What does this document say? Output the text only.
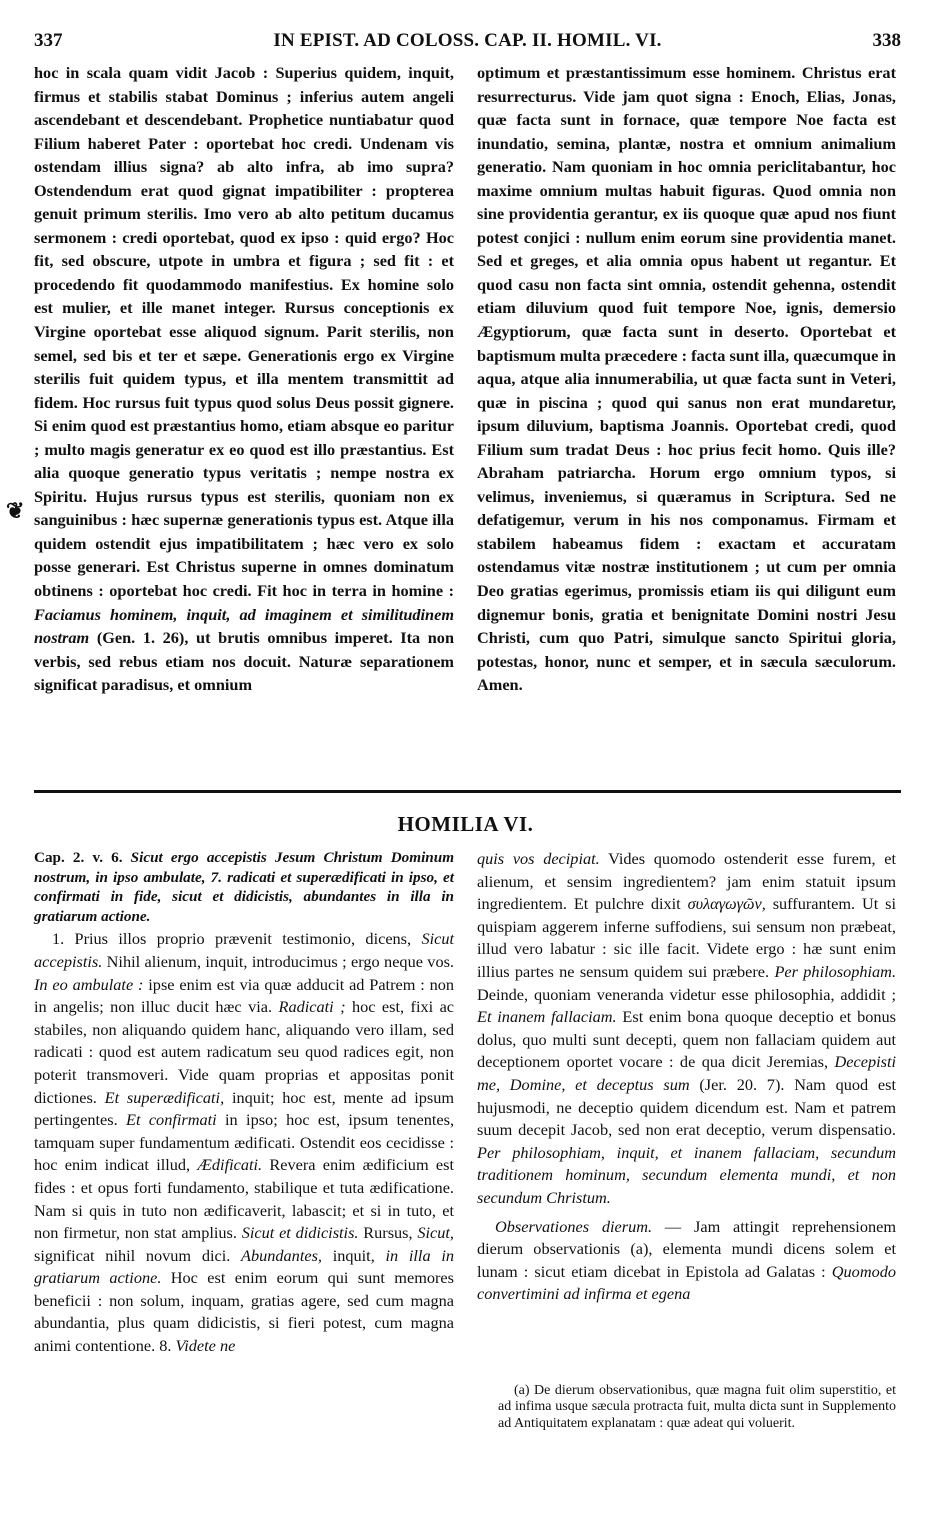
337	IN EPIST. AD COLOSS. CAP. II. HOMIL. VI.	338

hoc in scala quam vidit Jacob : Superius quidem, inquit, firmus et stabilis stabat Dominus ; inferius autem angeli ascendebant et descendebant. Prophetice nuntiabatur quod Filium haberet Pater : oportebat hoc credi. Undenam vis ostendam illius signa? ab alto infra, ab imo supra? Ostendendum erat quod gignat impatibiliter : propterea genuit primum sterilis. Imo vero ab alto petitum ducamus sermonem : credi oportebat, quod ex ipso : quid ergo? Hoc fit, sed obscure, utpote in umbra et figura ; sed fit : et procedendo fit quodammodo manifestius. Ex homine solo est mulier, et ille manet integer. Rursus conceptionis ex Virgine oportebat esse aliquod signum. Parit sterilis, non semel, sed bis et ter et sæpe. Generationis ergo ex Virgine sterilis fuit quidem typus, et illa mentem transmittit ad fidem. Hoc rursus fuit typus quod solus Deus possit gignere. Si enim quod est præstantius homo, etiam absque eo paritur ; multo magis generatur ex eo quod est illo præstantius. Est alia quoque generatio typus veritatis ; nempe nostra ex Spiritu. Hujus rursus typus est sterilis, quoniam non ex sanguinibus : hæc supernæ generationis typus est. Atque illa quidem ostendit ejus impatibilitatem ; hæc vero ex solo posse generari. Est Christus superne in omnes dominatum obtinens : oportebat hoc credi. Fit hoc in terra in homine : Faciamus hominem, inquit, ad imaginem et similitudinem nostram (Gen. 1. 26), ut brutis omnibus imperet. Ita non verbis, sed rebus etiam nos docuit. Naturæ separationem significat paradisus, et omnium

❦

optimum et præstantissimum esse hominem. Christus erat resurrecturus. Vide jam quot signa : Enoch, Elias, Jonas, quæ facta sunt in fornace, quæ tempore Noe facta est inundatio, semina, plantæ, nostra et omnium animalium generatio. Nam quoniam in hoc omnia periclitabantur, hoc maxime omnium multas habuit figuras. Quod omnia non sine providentia gerantur, ex iis quoque quæ apud nos fiunt potest conjici : nullum enim eorum sine providentia manet. Sed et greges, et alia omnia opus habent ut regantur. Et quod casu non facta sint omnia, ostendit gehenna, ostendit etiam diluvium quod fuit tempore Noe, ignis, demersio Ægyptiorum, quæ facta sunt in deserto. Oportebat et baptismum multa præcedere : facta sunt illa, quæcumque in aqua, atque alia innumerabilia, ut quæ facta sunt in Veteri, quæ in piscina ; quod qui sanus non erat mundaretur, ipsum diluvium, baptisma Joannis. Oportebat credi, quod Filium sum tradat Deus : hoc prius fecit homo. Quis ille? Abraham patriarcha. Horum ergo omnium typos, si velimus, inveniemus, si quæramus in Scriptura. Sed ne defatigemur, verum in his nos componamus. Firmam et stabilem habeamus fidem : exactam et accuratam ostendamus vitæ nostræ institutionem ; ut cum per omnia Deo gratias egerimus, promissis etiam iis qui diligunt eum dignemur bonis, gratia et benignitate Domini nostri Jesu Christi, cum quo Patri, simulque sancto Spiritui gloria, potestas, honor, nunc et semper, et in sæcula sæculorum. Amen.

HOMILIA VI.

Cap. 2. v. 6. Sicut ergo accepistis Jesum Christum Dominum nostrum, in ipso ambulate, 7. radicati et superædificati in ipso, et confirmati in fide, sicut et didicistis, abundantes in illa in gratiarum actione.

1. Prius illos proprio prævenit testimonio, dicens, Sicut accepistis. Nihil alienum, inquit, introducimus ; ergo neque vos. In eo ambulate : ipse enim est via quæ adducit ad Patrem : non in angelis; non illuc ducit hæc via. Radicati ; hoc est, fixi ac stabiles, non aliquando quidem hanc, aliquando vero illam, sed radicati : quod est autem radicatum seu quod radices egit, non poterit transmoveri. Vide quam proprias et appositas ponit dictiones. Et superædificati, inquit; hoc est, mente ad ipsum pertingentes. Et confirmati in ipso; hoc est, ipsum tenentes, tamquam super fundamentum ædificati. Ostendit eos cecidisse : hoc enim indicat illud, Ædificati. Revera enim ædificium est fides : et opus forti fundamento, stabilique et tuta ædificatione. Nam si quis in tuto non ædificaverit, labascit; et si in tuto, et non firmetur, non stat amplius. Sicut et didicistis. Rursus, Sicut, significat nihil novum dici. Abundantes, inquit, in illa in gratiarum actione. Hoc est enim eorum qui sunt memores beneficii : non solum, inquam, gratias agere, sed cum magna abundantia, plus quam didicistis, si fieri potest, cum magna animi contentione. 8. Videte ne

quis vos decipiat. Vides quomodo ostenderit esse furem, et alienum, et sensim ingredientem? jam enim statuit ipsum ingredientem. Et pulchre dixit συλαγωγῶν, suffurantem. Ut si quispiam aggerem inferne suffodiens, sui sensum non præbeat, illud vero labatur : sic ille facit. Videte ergo : hæ sunt enim illius partes ne sensum quidem sui præbere. Per philosophiam. Deinde, quoniam veneranda videtur esse philosophia, addidit ; Et inanem fallaciam. Est enim bona quoque deceptio et bonus dolus, quo multi sunt decepti, quem non fallaciam quidem aut deceptionem oportet vocare : de qua dicit Jeremias, Decepisti me, Domine, et deceptus sum (Jer. 20. 7). Nam quod est hujusmodi, ne deceptio quidem dicendum est. Nam et patrem suum decepit Jacob, sed non erat deceptio, verum dispensatio. Per philosophiam, inquit, et inanem fallaciam, secundum traditionem hominum, secundum elementa mundi, et non secundum Christum.

Observationes dierum. — Jam attingit reprehensionem dierum observationis (a), elementa mundi dicens solem et lunam : sicut etiam dicebat in Epistola ad Galatas : Quomodo convertimini ad infirma et egena

(a) De dierum observationibus, quæ magna fuit olim superstitio, et ad infima usque sæcula protracta fuit, multa dicta sunt in Supplemento ad Antiquitatem explanatam : quæ adeat qui voluerit.
